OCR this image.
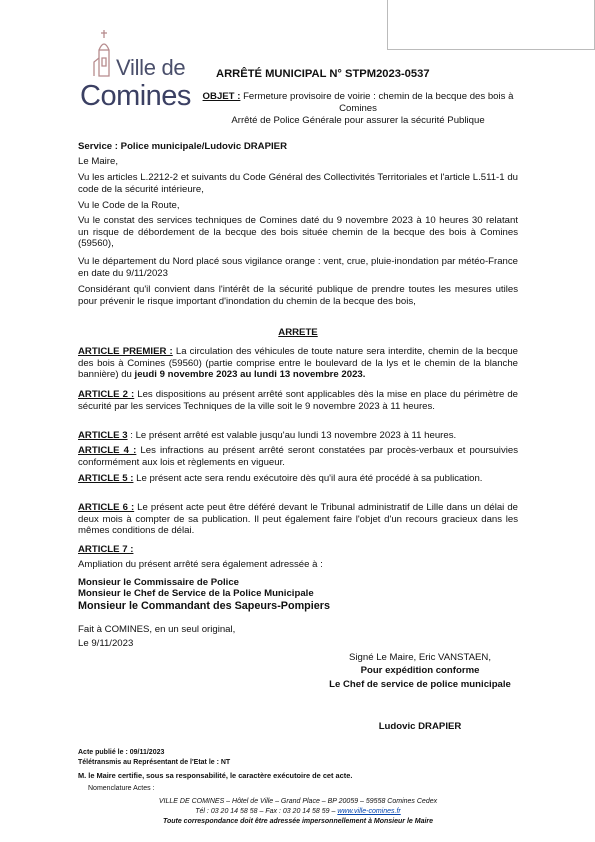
Ville de
Comines
ARRÊTÉ MUNICIPAL N° STPM2023-0537
OBJET : Fermeture provisoire de voirie : chemin de la becque des bois à Comines
Arrêté de Police Générale pour assurer la sécurité Publique
Service : Police municipale/Ludovic DRAPIER
Le Maire,
Vu les articles L.2212-2 et suivants du Code Général des Collectivités Territoriales et l'article L.511-1 du code de la sécurité intérieure,
Vu le Code de la Route,
Vu le constat des services techniques de Comines daté du 9 novembre 2023 à 10 heures 30 relatant un risque de débordement de la becque des bois située chemin de la becque des bois à Comines (59560),
Vu le département du Nord placé sous vigilance orange : vent, crue, pluie-inondation par météo-France en date du 9/11/2023
Considérant qu'il convient dans l'intérêt de la sécurité publique de prendre toutes les mesures utiles pour prévenir le risque important d'inondation du chemin de la becque des bois,
ARRETE
ARTICLE PREMIER : La circulation des véhicules de toute nature sera interdite, chemin de la becque des bois à Comines (59560) (partie comprise entre le boulevard de la lys et le chemin de la blanche bannière) du jeudi 9 novembre 2023 au lundi 13 novembre 2023.
ARTICLE 2 : Les dispositions au présent arrêté sont applicables dès la mise en place du périmètre de sécurité par les services Techniques de la ville soit le 9 novembre 2023 à 11 heures.
ARTICLE 3 : Le présent arrêté est valable jusqu'au lundi 13 novembre 2023 à 11 heures.
ARTICLE 4 : Les infractions au présent arrêté seront constatées par procès-verbaux et poursuivies conformément aux lois et règlements en vigueur.
ARTICLE 5 : Le présent acte sera rendu exécutoire dès qu'il aura été procédé à sa publication.
ARTICLE 6 : Le présent acte peut être déféré devant le Tribunal administratif de Lille dans un délai de deux mois à compter de sa publication. Il peut également faire l'objet d'un recours gracieux dans les mêmes conditions de délai.
ARTICLE 7 :
Ampliation du présent arrêté sera également adressée à :
Monsieur le Commissaire de Police
Monsieur le Chef de Service de la Police Municipale
Monsieur le Commandant des Sapeurs-Pompiers
Fait à COMINES, en un seul original,
Le 9/11/2023
Signé Le Maire, Eric VANSTAEN,
Pour expédition conforme
Le Chef de service de police municipale
Ludovic DRAPIER
Acte publié le : 09/11/2023
Télétransmis au Représentant de l'Etat le : NT
M. le Maire certifie, sous sa responsabilité, le caractère exécutoire de cet acte.
Nomenclature Actes :
VILLE DE COMINES – Hôtel de Ville – Grand Place – BP 20059 – 59558 Comines Cedex
Tél : 03 20 14 58 58 – Fax : 03 20 14 58 59 – www.ville-comines.fr
Toute correspondance doit être adressée impersonnellement à Monsieur le Maire
